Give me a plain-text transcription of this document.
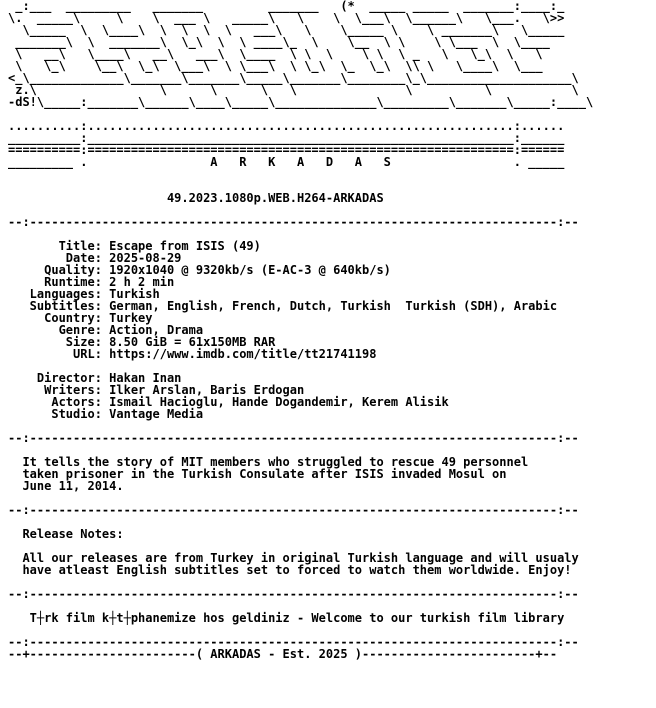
_:___  _________   _______         _______   (*  _____ _____  _______:____:_
\.  _____\     \    \  ___ \   _____\   \    \  \___\  \______\   \___.   \>>
\_____  \  \____\  \  \  \  \   ___\   \    \_____ \    \ _______\   \_____
_______\  \  _______\  \_\  \  \ ____\_  \    \__  \ \    \ \___  \  \____
\   __\   \____\   __\   ___\  \____  \ \  \    \ \  \ _   \   \_\  \   \
\   \_\    \__\  \_\  \___\  \ \___\  \ \_\  \_  \_\  \\ \   \____\  \___
<_\_____________\_______\_______\_____\_______\________\_\____________________\
z.\                 \      \      \   \               \          \           \
-dS!\_____:_______\______\____\_____\______________\_________\_______\_____:____\
..........:...........................................................:......
__________:___________________________________________________________:______
==========:===========================================================:======
_________ .                 A   R   K   A   D   A   S                 . _____
49.2023.1080p.WEB.H264-ARKADAS
--:-------------------------------------------------------------------------:--
Title: Escape from ISIS (49)
Date: 2025-08-29
Quality: 1920x1040 @ 9320kb/s (E-AC-3 @ 640kb/s)
Runtime: 2 h 2 min
Languages: Turkish
Subtitles: German, English, French, Dutch, Turkish  Turkish (SDH), Arabic
Country: Turkey
Genre: Action, Drama
Size: 8.50 GiB = 61x150MB RAR
URL: https://www.imdb.com/title/tt21741198
Director: Hakan Inan
Writers: Ilker Arslan, Baris Erdogan
Actors: Ismail Hacioglu, Hande Dogandemir, Kerem Alisik
Studio: Vantage Media
--:-------------------------------------------------------------------------:--
It tells the story of MIT members who struggled to rescue 49 personnel
taken prisoner in the Turkish Consulate after ISIS invaded Mosul on
June 11, 2014.
--:-------------------------------------------------------------------------:--
Release Notes:
All our releases are from Turkey in original Turkish language and will usualy
have atleast English subtitles set to forced to watch them worldwide. Enjoy!
--:-------------------------------------------------------------------------:--
T┼rk film k┼t┼phanemize hos geldiniz - Welcome to our turkish film library
--:-------------------------------------------------------------------------:--
--+-----------------------( ARKADAS - Est. 2025 )------------------------+--
